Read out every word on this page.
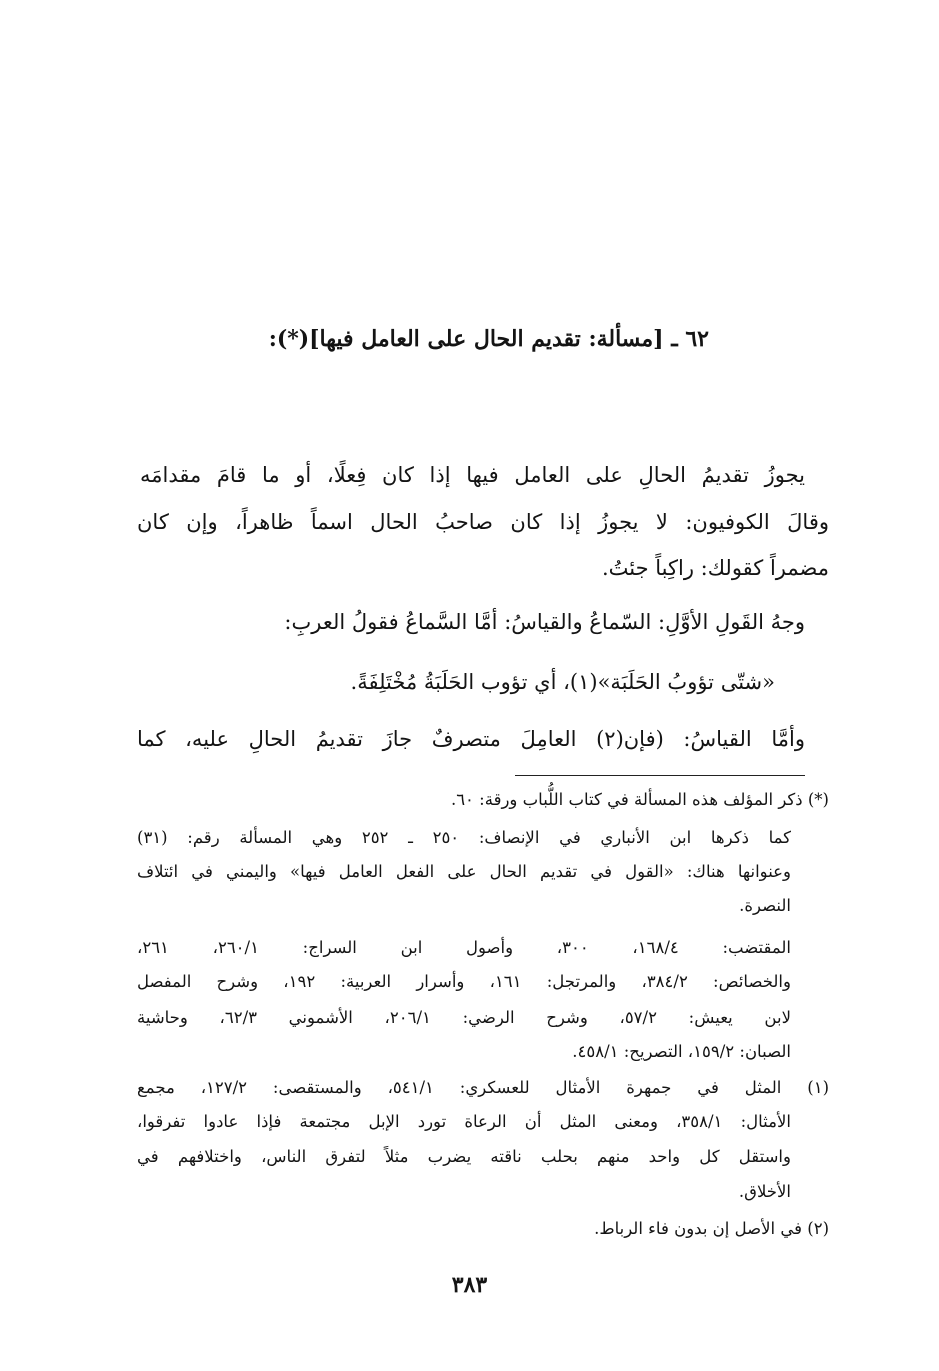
٦٢ ـ [مسألة: تقديم الحال على العامل فيها](*):
يجوزُ تقديمُ الحالِ على العامل فيها إذا كان فِعلًا، أو ما قامَ مقدامَه
وقالَ الكوفيون: لا يجوزُ إذا كان صاحبُ الحال اسماً ظاهراً، وإن كان
مضمراً كقولك: راكِباً جئتُ.
وجهُ القَولِ الأوَّلِ: السّماعُ والقياسُ: أمَّا السَّماعُ فقولُ العربِ:
«شتّى تؤوبُ الحَلَبَة»(١)، أي تؤوب الحَلَبَةُ مُخْتَلِفَةً.
وأمَّا القياسُ: (فإن(٢) العامِلَ متصرفٌ جازَ تقديمُ الحالِ عليه، كما
(*) ذكر المؤلف هذه المسألة في كتاب اللُّباب ورقة: ٦٠.
كما ذكرها ابن الأنباري في الإنصاف: ٢٥٠ ـ ٢٥٢ وهي المسألة رقم: (٣١)
وعنوانها هناك: «القول في تقديم الحال على الفعل العامل فيها» واليمني في ائتلاف
النصرة.
المقتضب: ١٦٨/٤، ٣٠٠، وأصول ابن السراج: ٢٦٠/١، ٢٦١،
والخصائص: ٣٨٤/٢، والمرتجل: ١٦١، وأسرار العربية: ١٩٢، وشرح المفصل
لابن يعيش: ٥٧/٢، وشرح الرضي: ٢٠٦/١، الأشموني ٦٢/٣، وحاشية
الصبان: ١٥٩/٢، التصريح: ٤٥٨/١.
(١) المثل في جمهرة الأمثال للعسكري: ٥٤١/١، والمستقصى: ١٢٧/٢، مجمع
الأمثال: ٣٥٨/١، ومعنى المثل أن الرعاة تورد الإبل مجتمعة فإذا عادوا تفرقوا،
واستقل كل واحد منهم بحلب ناقته يضرب مثلاً لتفرق الناس، واختلافهم في
الأخلاق.
(٢) في الأصل إن بدون فاء الرباط.
٣٨٣
